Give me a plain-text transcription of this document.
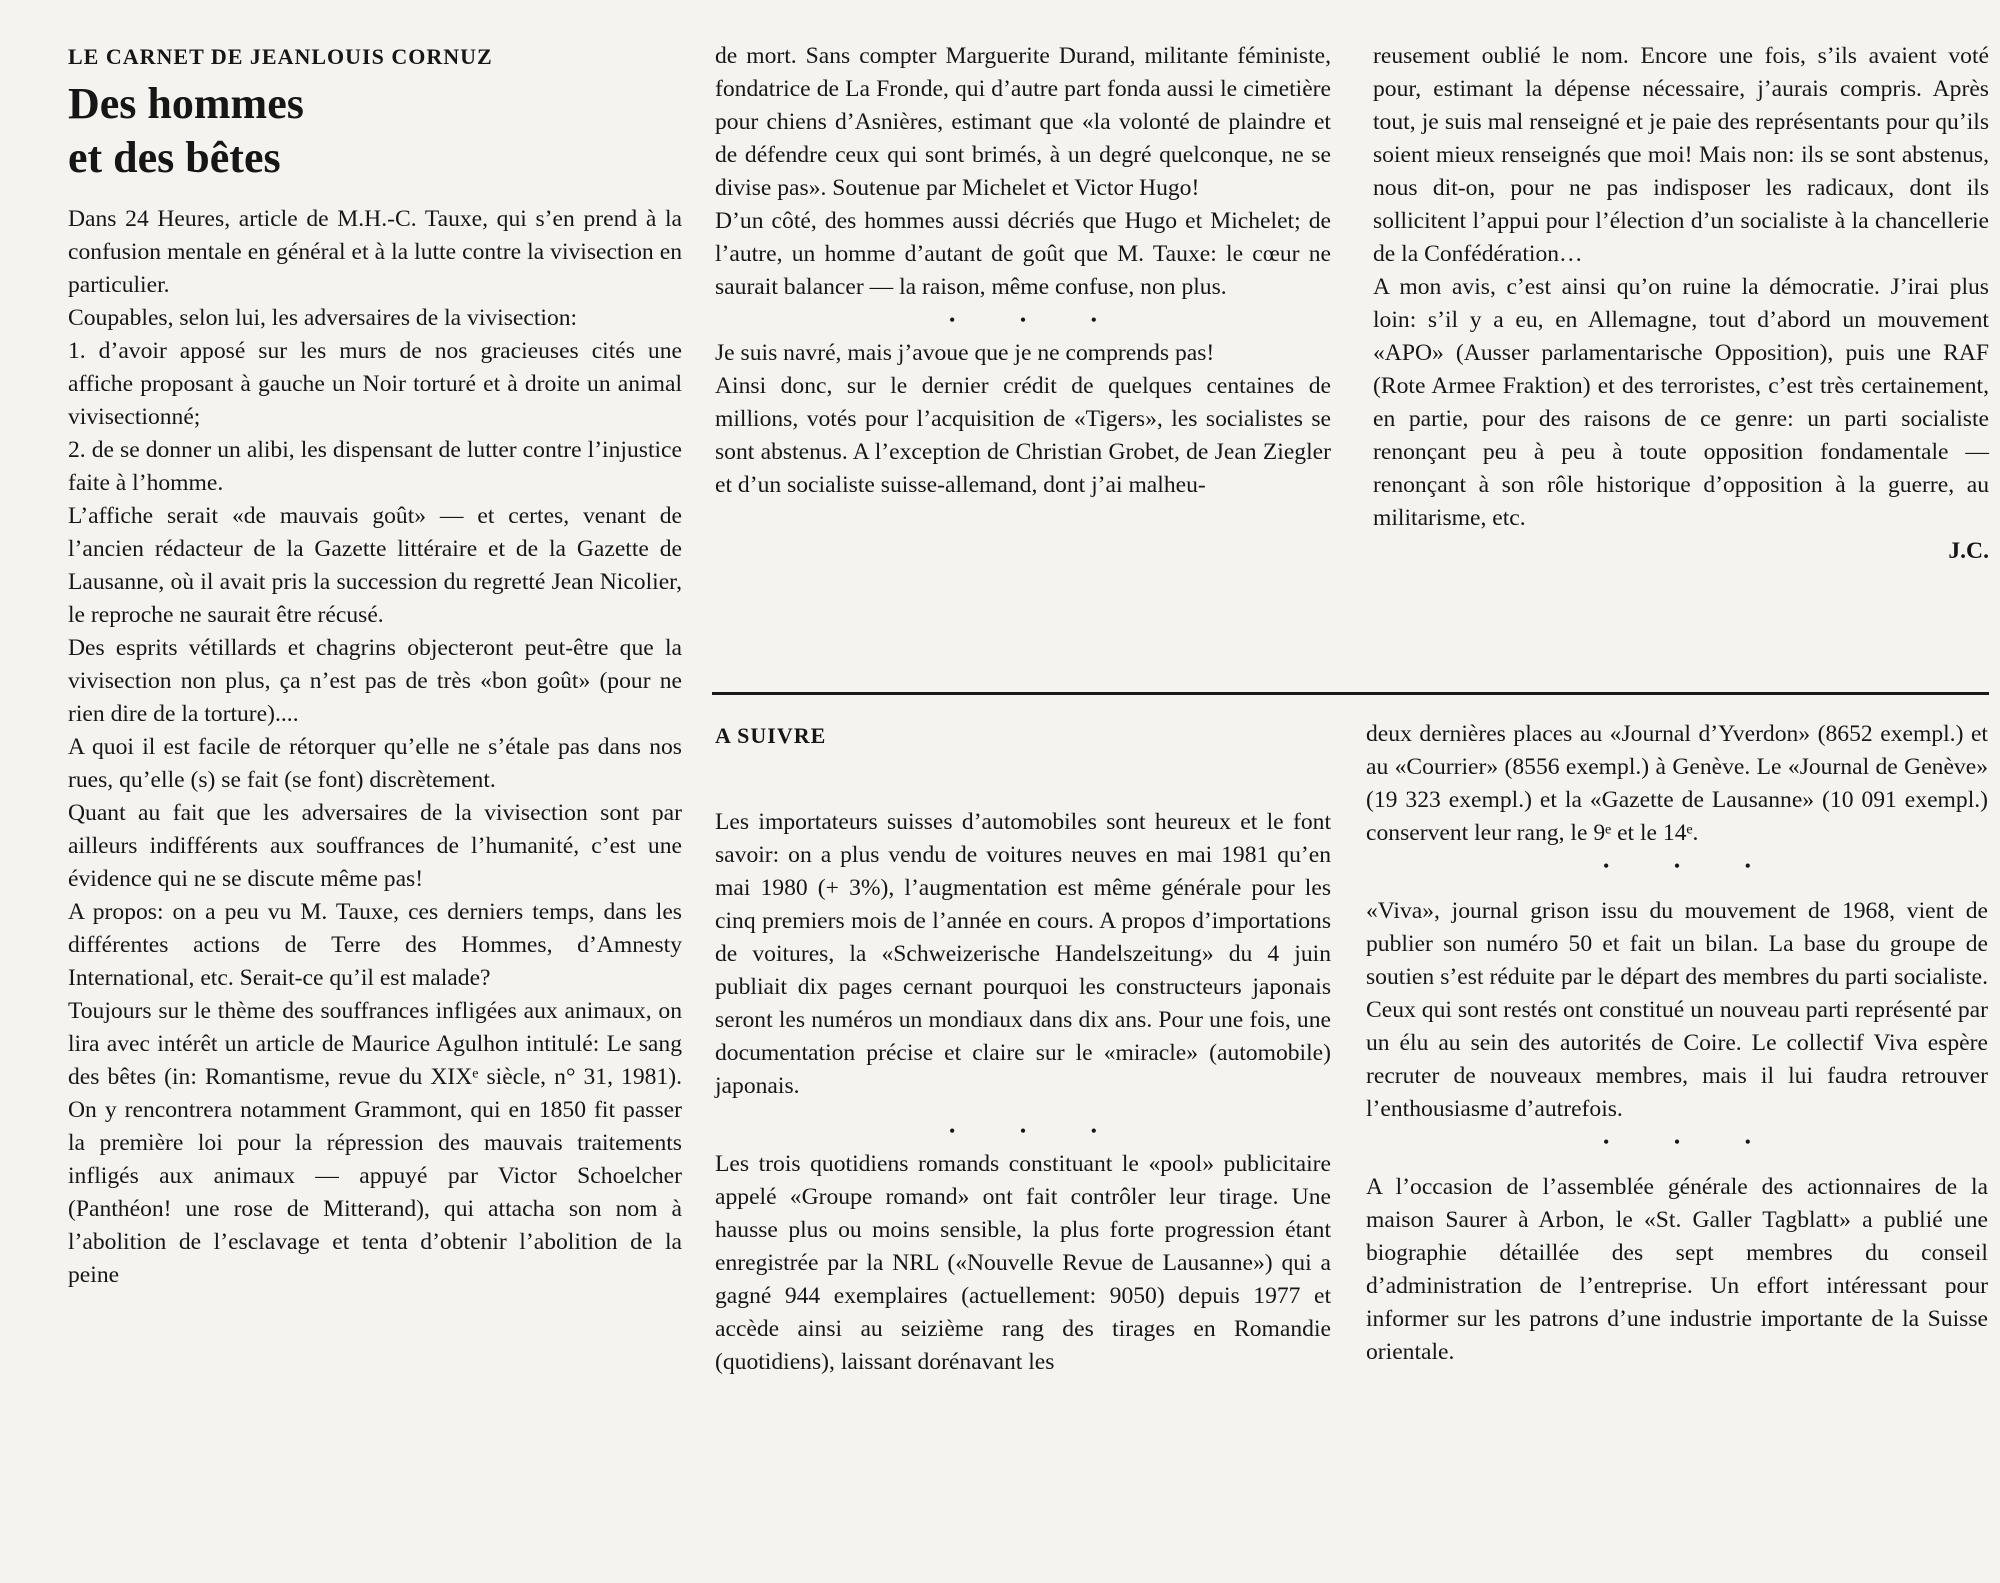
LE CARNET DE JEANLOUIS CORNUZ

Des hommes
et des bêtes

Dans 24 Heures, article de M.H.-C. Tauxe, qui s’en prend à la confusion mentale en général et à la lutte contre la vivisection en particulier.

Coupables, selon lui, les adversaires de la vivisection:

1. d’avoir apposé sur les murs de nos gracieuses cités une affiche proposant à gauche un Noir torturé et à droite un animal vivisectionné;

2. de se donner un alibi, les dispensant de lutter contre l’injustice faite à l’homme.

L’affiche serait «de mauvais goût» — et certes, venant de l’ancien rédacteur de la Gazette littéraire et de la Gazette de Lausanne, où il avait pris la succession du regretté Jean Nicolier, le reproche ne saurait être récusé.

Des esprits vétillards et chagrins objecteront peut-être que la vivisection non plus, ça n’est pas de très «bon goût» (pour ne rien dire de la torture)....

A quoi il est facile de rétorquer qu’elle ne s’étale pas dans nos rues, qu’elle (s) se fait (se font) discrètement.

Quant au fait que les adversaires de la vivisection sont par ailleurs indifférents aux souffrances de l’humanité, c’est une évidence qui ne se discute même pas!

A propos: on a peu vu M. Tauxe, ces derniers temps, dans les différentes actions de Terre des Hommes, d’Amnesty International, etc. Serait-ce qu’il est malade?

Toujours sur le thème des souffrances infligées aux animaux, on lira avec intérêt un article de Maurice Agulhon intitulé: Le sang des bêtes (in: Romantisme, revue du XIXᵉ siècle, n° 31, 1981). On y rencontrera notamment Grammont, qui en 1850 fit passer la première loi pour la répression des mauvais traitements infligés aux animaux — appuyé par Victor Schoelcher (Panthéon! une rose de Mitterand), qui attacha son nom à l’abolition de l’esclavage et tenta d’obtenir l’abolition de la peine

de mort. Sans compter Marguerite Durand, militante féministe, fondatrice de La Fronde, qui d’autre part fonda aussi le cimetière pour chiens d’Asnières, estimant que «la volonté de plaindre et de défendre ceux qui sont brimés, à un degré quelconque, ne se divise pas». Soutenue par Michelet et Victor Hugo!

D’un côté, des hommes aussi décriés que Hugo et Michelet; de l’autre, un homme d’autant de goût que M. Tauxe: le cœur ne saurait balancer — la raison, même confuse, non plus.

• • •

Je suis navré, mais j’avoue que je ne comprends pas!

Ainsi donc, sur le dernier crédit de quelques centaines de millions, votés pour l’acquisition de «Tigers», les socialistes se sont abstenus. A l’exception de Christian Grobet, de Jean Ziegler et d’un socialiste suisse-allemand, dont j’ai malheu-

reusement oublié le nom. Encore une fois, s’ils avaient voté pour, estimant la dépense nécessaire, j’aurais compris. Après tout, je suis mal renseigné et je paie des représentants pour qu’ils soient mieux renseignés que moi! Mais non: ils se sont abstenus, nous dit-on, pour ne pas indisposer les radicaux, dont ils sollicitent l’appui pour l’élection d’un socialiste à la chancellerie de la Confédération…

A mon avis, c’est ainsi qu’on ruine la démocratie. J’irai plus loin: s’il y a eu, en Allemagne, tout d’abord un mouvement «APO» (Ausser parlamentarische Opposition), puis une RAF (Rote Armee Fraktion) et des terroristes, c’est très certainement, en partie, pour des raisons de ce genre: un parti socialiste renonçant peu à peu à toute opposition fondamentale — renonçant à son rôle historique d’opposition à la guerre, au militarisme, etc.

J.C.

A SUIVRE

Les importateurs suisses d’automobiles sont heureux et le font savoir: on a plus vendu de voitures neuves en mai 1981 qu’en mai 1980 (+ 3%), l’augmentation est même générale pour les cinq premiers mois de l’année en cours. A propos d’importations de voitures, la «Schweizerische Handelszeitung» du 4 juin publiait dix pages cernant pourquoi les constructeurs japonais seront les numéros un mondiaux dans dix ans. Pour une fois, une documentation précise et claire sur le «miracle» (automobile) japonais.

• • •

Les trois quotidiens romands constituant le «pool» publicitaire appelé «Groupe romand» ont fait contrôler leur tirage. Une hausse plus ou moins sensible, la plus forte progression étant enregistrée par la NRL («Nouvelle Revue de Lausanne») qui a gagné 944 exemplaires (actuellement: 9050) depuis 1977 et accède ainsi au seizième rang des tirages en Romandie (quotidiens), laissant dorénavant les

deux dernières places au «Journal d’Yverdon» (8652 exempl.) et au «Courrier» (8556 exempl.) à Genève. Le «Journal de Genève» (19 323 exempl.) et la «Gazette de Lausanne» (10 091 exempl.) conservent leur rang, le 9ᵉ et le 14ᵉ.

• • •

«Viva», journal grison issu du mouvement de 1968, vient de publier son numéro 50 et fait un bilan. La base du groupe de soutien s’est réduite par le départ des membres du parti socialiste. Ceux qui sont restés ont constitué un nouveau parti représenté par un élu au sein des autorités de Coire. Le collectif Viva espère recruter de nouveaux membres, mais il lui faudra retrouver l’enthousiasme d’autrefois.

• • •

A l’occasion de l’assemblée générale des actionnaires de la maison Saurer à Arbon, le «St. Galler Tagblatt» a publié une biographie détaillée des sept membres du conseil d’administration de l’entreprise. Un effort intéressant pour informer sur les patrons d’une industrie importante de la Suisse orientale.
